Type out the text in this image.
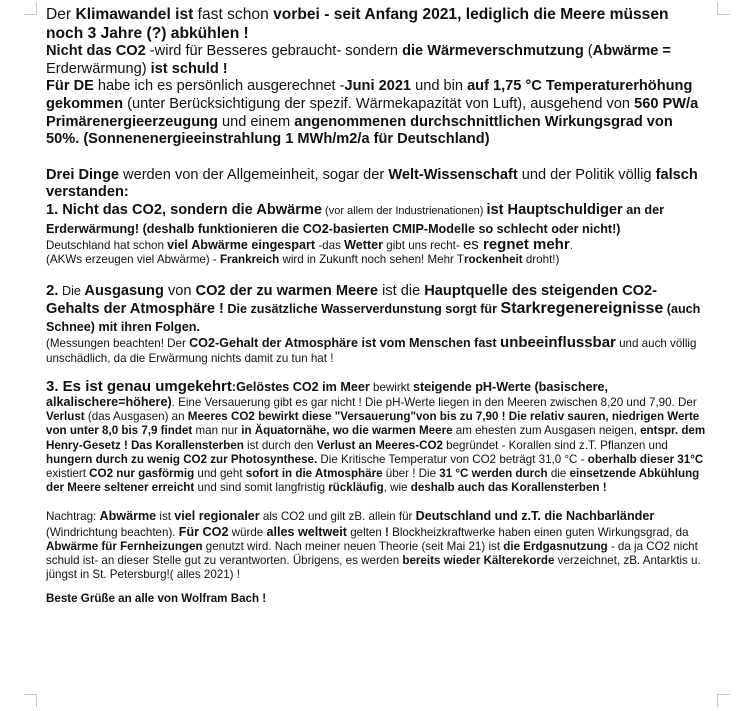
Der Klimawandel ist fast schon vorbei - seit Anfang 2021, lediglich die Meere müssen noch 3 Jahre (?) abkühlen !

Nicht das CO2 -wird für Besseres gebraucht- sondern die Wärmeverschmutzung (Abwärme = Erderwärmung) ist schuld !

Für DE habe ich es persönlich ausgerechnet -Juni 2021 und bin auf 1,75 °C Temperaturerhöhung gekommen (unter Berücksichtigung der spezif. Wärmekapazität von Luft), ausgehend von 560 PW/a Primärenergieerzeugung und einem angenommenen durchschnittlichen Wirkungsgrad von 50%. (Sonnenenergieeinstrahlung 1 MWh/m2/a für Deutschland)

Drei Dinge werden von der Allgemeinheit, sogar der Welt-Wissenschaft und der Politik völlig falsch verstanden:

1. Nicht das CO2, sondern die Abwärme (vor allem der Industrienationen) ist Hauptschuldiger an der Erderwärmung! (deshalb funktionieren die CO2-basierten CMIP-Modelle so schlecht oder nicht!)

Deutschland hat schon viel Abwärme eingespart -das Wetter gibt uns recht- es regnet mehr.

(AKWs erzeugen viel Abwärme) - Frankreich wird in Zukunft noch sehen! Mehr Trockenheit droht!)

2. Die Ausgasung von CO2 der zu warmen Meere ist die Hauptquelle des steigenden CO2-Gehalts der Atmosphäre ! Die zusätzliche Wasserverdunstung sorgt für Starkregenereignisse (auch Schnee) mit ihren Folgen.

(Messungen beachten! Der CO2-Gehalt der Atmosphäre ist vom Menschen fast unbeeinflussbar und auch völlig unschädlich, da die Erwärmung nichts damit zu tun hat !

3. Es ist genau umgekehrt:Gelöstes CO2 im Meer bewirkt steigende pH-Werte (basischere, alkalischere=höhere). Eine Versauerung gibt es gar nicht ! Die pH-Werte liegen in den Meeren zwischen 8,20 und 7,90. Der Verlust (das Ausgasen) an Meeres CO2 bewirkt diese "Versauerung"von bis zu 7,90 ! Die relativ sauren, niedrigen Werte von unter 8,0 bis 7,9 findet man nur in Äquatornähe, wo die warmen Meere am ehesten zum Ausgasen neigen, entspr. dem Henry-Gesetz ! Das Korallensterben ist durch den Verlust an Meeres-CO2 begründet - Korallen sind z.T. Pflanzen und hungern durch zu wenig CO2 zur Photosynthese. Die Kritische Temperatur von CO2 beträgt 31,0 °C - oberhalb dieser 31°C existiert CO2 nur gasförmig und geht sofort in die Atmosphäre über ! Die 31 °C werden durch die einsetzende Abkühlung der Meere seltener erreicht und sind somit langfristig rückläufig, wie deshalb auch das Korallensterben !

Nachtrag: Abwärme ist viel regionaler als CO2 und gilt zB. allein für Deutschland und z.T. die Nachbarländer (Windrichtung beachten). Für CO2 würde alles weltweit gelten ! Blockheizkraftwerke haben einen guten Wirkungsgrad, da Abwärme für Fernheizungen genutzt wird. Nach meiner neuen Theorie (seit Mai 21) ist die Erdgasnutzung - da ja CO2 nicht schuld ist- an dieser Stelle gut zu verantworten. Übrigens, es werden bereits wieder Kälterekorde verzeichnet, zB. Antarktis u. jüngst in St. Petersburg!( alles 2021) !

Beste Grüße an alle von Wolfram Bach !
